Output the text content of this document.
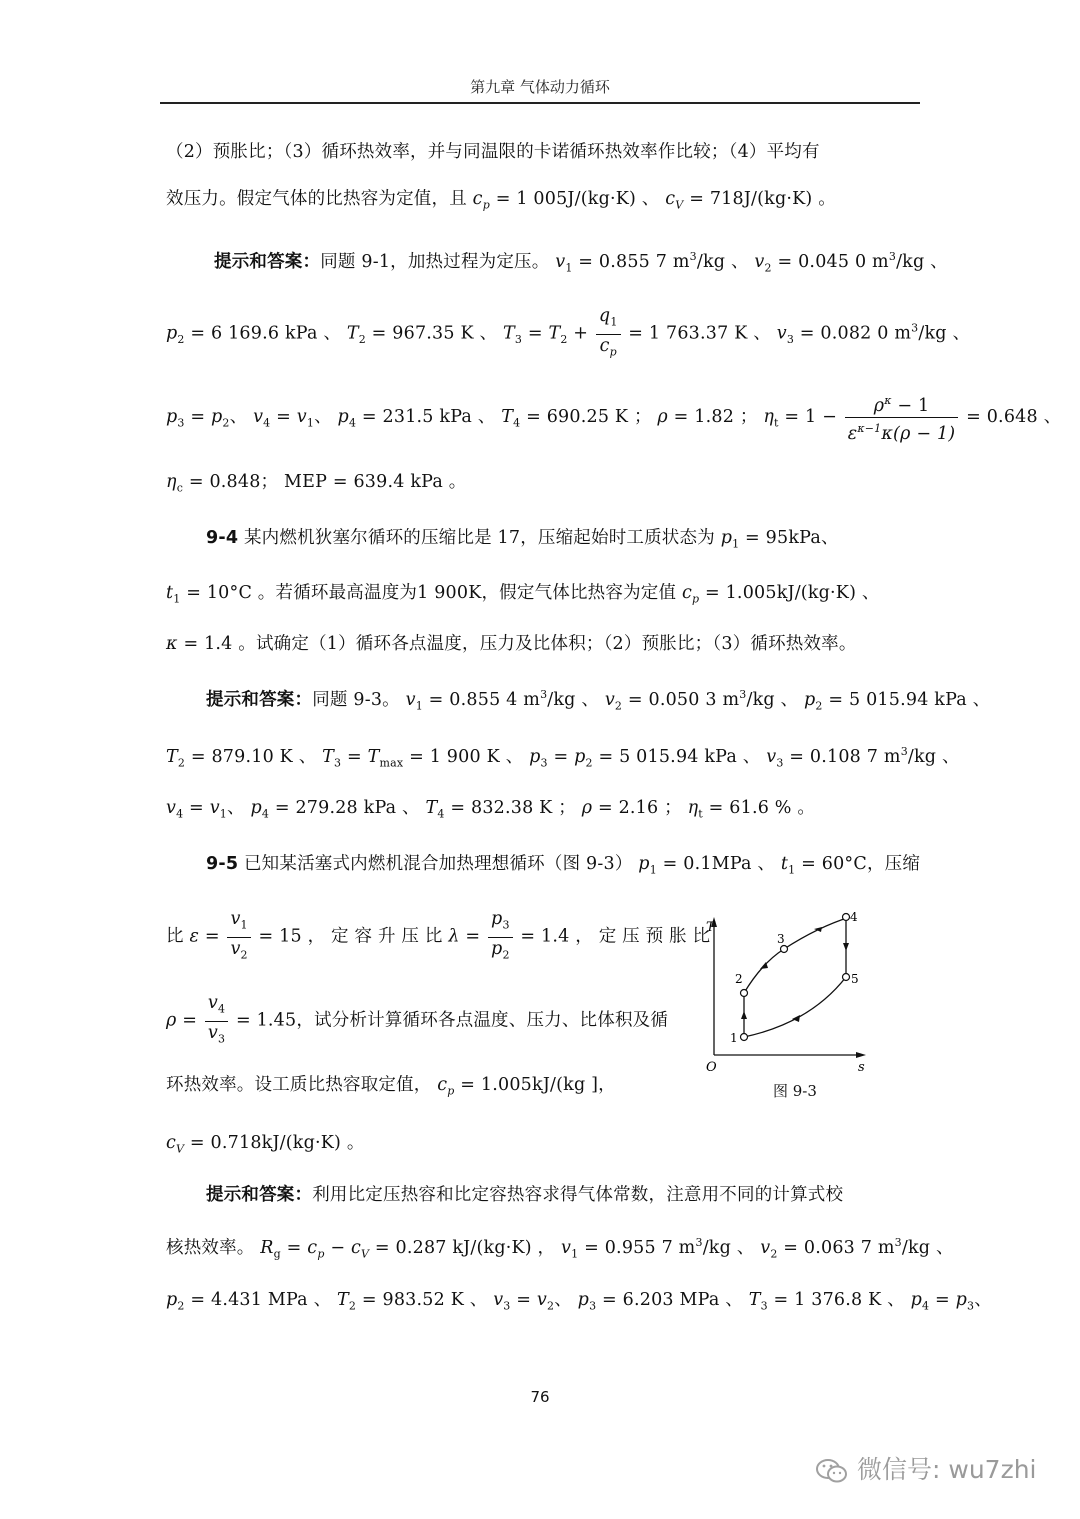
第九章 气体动力循环
（2）预胀比；（3）循环热效率，并与同温限的卡诺循环热效率作比较；（4）平均有
效压力。假定气体的比热容为定值，且 $c_p = 1$ 005J/(kg·K) 、 $c_V = 718J/(kg\cdot K)$ 。
提示和答案：同题 9-1，加热过程为定压。 $v_1 = 0.855$ 7 $m^3/kg$ 、 $v_2 = 0.045$ 0 $m^3/kg$ 、
$p_2 = 6$ 169.6 kPa 、 $T_2 = 967.35$ K 、 $T_3 = T_2 + \frac{q_1}{c_p} = 1$ 763.37 K 、 $v_3 = 0.082$ 0 $m^3/kg$ 、
$p_3 = p_2$、 $v_4 = v_1$、 $p_4 = 231.5$ kPa 、 $T_4 = 690.25$ K ； ρ = 1.82 ； $\eta_t = 1 - \frac{\rho^\kappa - 1}{\varepsilon^{\kappa-1}\kappa(\rho - 1)} = 0.648$ 、
$\eta_c = 0.848$； MEP = 639.4 kPa 。
9-4 某内燃机狄塞尔循环的压缩比是 17，压缩起始时工质状态为 $p_1 = 95kPa$、
$t_1 = 10^\circ C$ 。若循环最高温度为1 900K，假定气体比热容为定值 $c_p = 1.005kJ/(kg\cdot K)$ 、
κ = 1.4 。试确定（1）循环各点温度，压力及比体积；（2）预胀比；（3）循环热效率。
提示和答案：同题 9-3。 $v_1 = 0.855$ 4 $m^3/kg$ 、 $v_2 = 0.050$ 3 $m^3/kg$ 、 $p_2 = 5$ 015.94 kPa 、
$T_2 = 879.10$ K 、 $T_3 = T_{max} = 1$ 900 K 、 $p_3 = p_2 = 5$ 015.94 kPa 、 $v_3 = 0.108$ 7 $m^3/kg$ 、
$v_4 = v_1$、 $p_4 = 279.28$ kPa 、 $T_4 = 832.38$ K ； ρ = 2.16 ； $\eta_t = 61.6$ % 。
9-5 已知某活塞式内燃机混合加热理想循环（图 9-3） $p_1 = 0.1MPa$ 、 $t_1 = 60^\circ C$，压缩
比 $\varepsilon = \frac{v_1}{v_2} = 15$ ， 定 容 升 压 比 $\lambda = \frac{p_3}{p_2} = 1.4$ ， 定 压 预 胀 比
$\rho = \frac{v_4}{v_3} = 1.45$，试分析计算循环各点温度、压力、比体积及循
环热效率。设工质比热容取定值， $c_p = 1.005kJ/(kg$ ]，
$c_V = 0.718kJ/(kg\cdot K)$ 。
提示和答案：利用比定压热容和比定容热容求得气体常数，注意用不同的计算式校
核热效率。 $R_g = c_p - c_V = 0.287$ kJ/(kg·K) ， $v_1 = 0.955$ 7 $m^3/kg$ 、 $v_2 = 0.063$ 7 $m^3/kg$ 、
$p_2 = 4.431$ MPa 、 $T_2 = 983.52$ K 、 $v_3 = v_2$、 $p_3 = 6.203$ MPa 、 $T_3 = 1$ 376.8 K 、 $p_4 = p_3$、
T
s
O
1
2
3
4
5
图 9-3
76
微信号: wu7zhi
